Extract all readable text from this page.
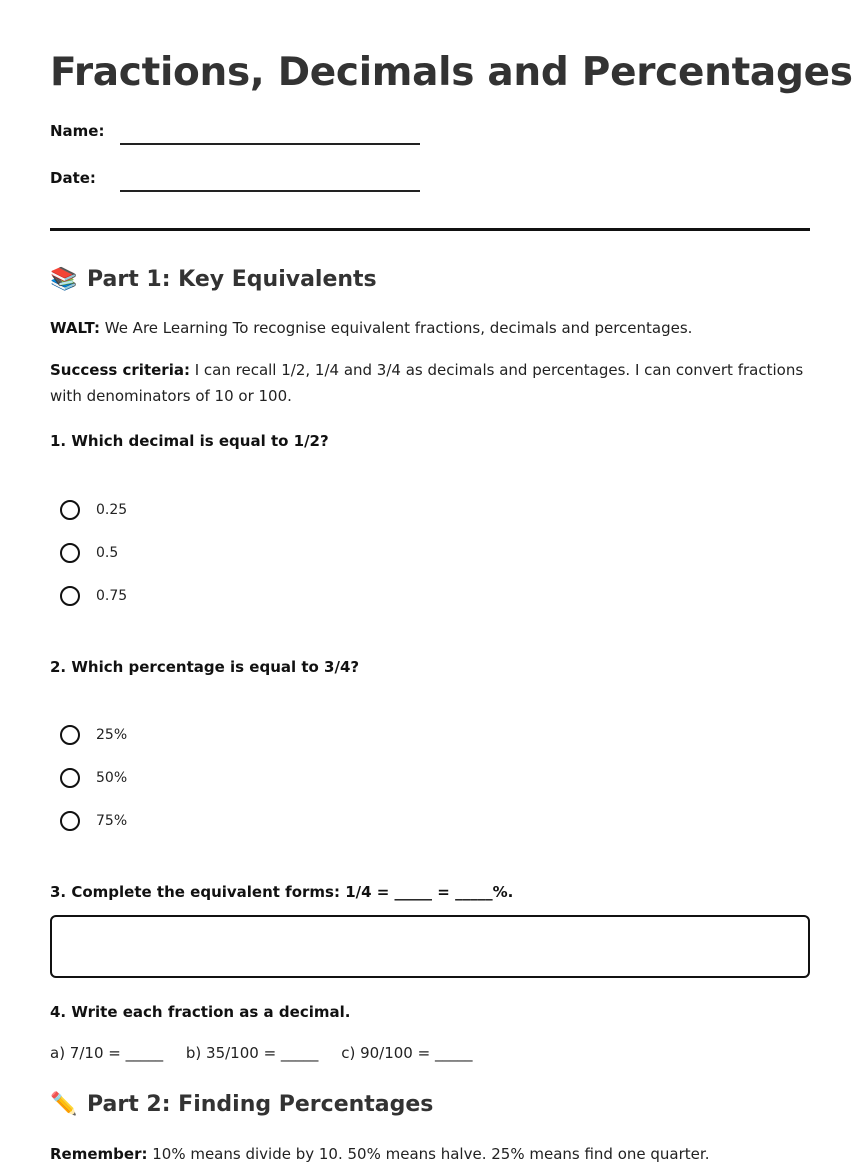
Fractions, Decimals and Percentages
Name:
Date:
📚 Part 1: Key Equivalents

WALT: We Are Learning To recognise equivalent fractions, decimals and percentages.

Success criteria: I can recall 1/2, 1/4 and 3/4 as decimals and percentages. I can convert fractions with denominators of 10 or 100.

1. Which decimal is equal to 1/2?

0.25
0.5
0.75

2. Which percentage is equal to 3/4?

25%
50%
75%

3. Complete the equivalent forms: 1/4 = _____ = _____%.

4. Write each fraction as a decimal.

a) 7/10 = _____ b) 35/100 = _____ c) 90/100 = _____
✏️ Part 2: Finding Percentages

Remember: 10% means divide by 10. 50% means halve. 25% means find one quarter.
